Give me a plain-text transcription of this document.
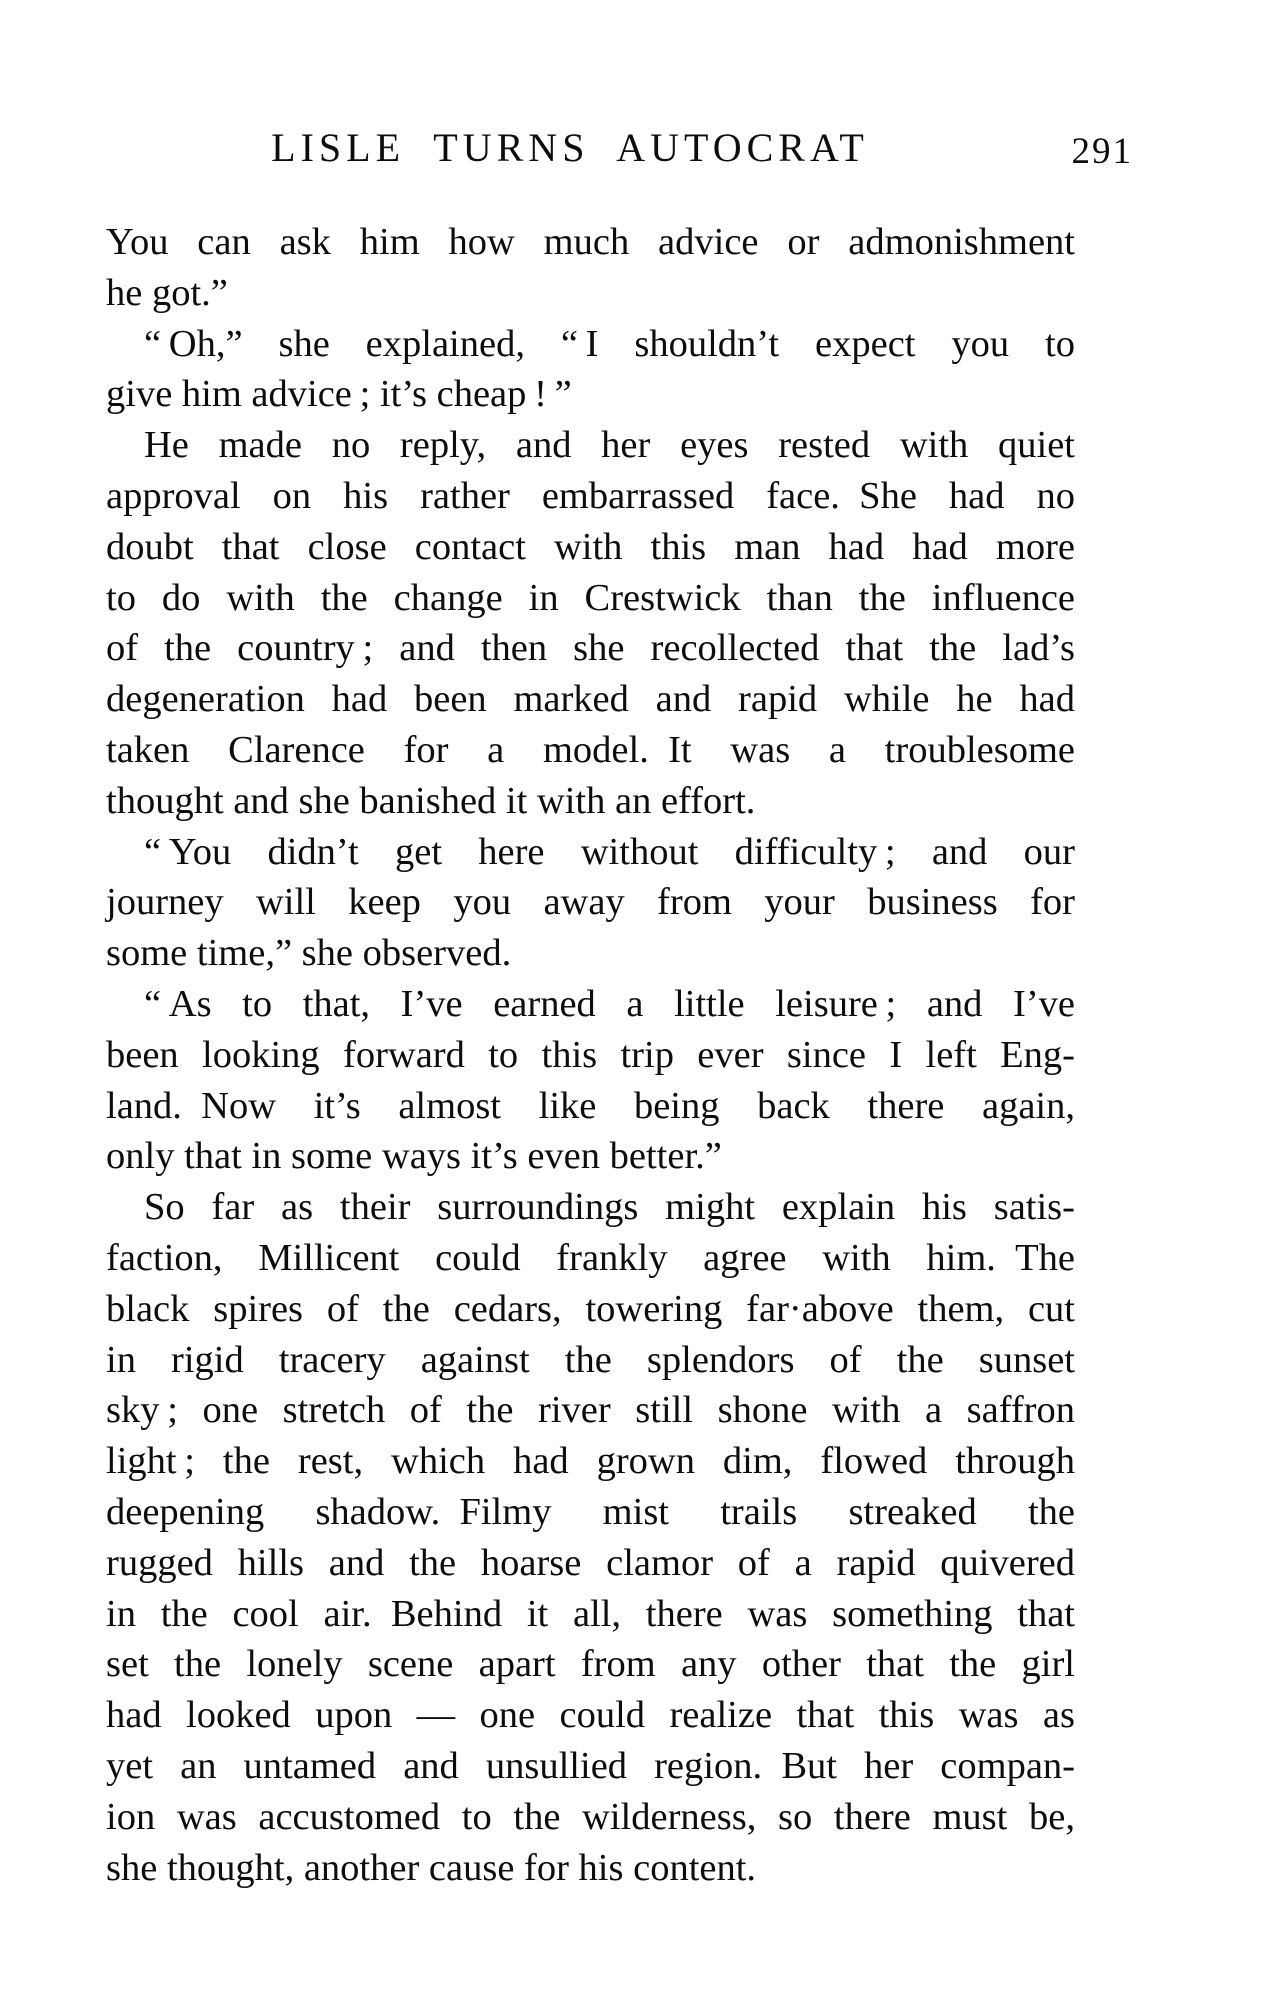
LISLE TURNS AUTOCRAT	291
You can ask him how much advice or admonishment
he got.”
“ Oh,” she explained, “ I shouldn’t expect you to
give him advice ; it’s cheap ! ”
He made no reply, and her eyes rested with quiet
approval on his rather embarrassed face. She had no
doubt that close contact with this man had had more
to do with the change in Crestwick than the influence
of the country ; and then she recollected that the lad’s
degeneration had been marked and rapid while he had
taken Clarence for a model. It was a troublesome
thought and she banished it with an effort.
“ You didn’t get here without difficulty ; and our
journey will keep you away from your business for
some time,” she observed.
“ As to that, I’ve earned a little leisure ; and I’ve
been looking forward to this trip ever since I left Eng-
land. Now it’s almost like being back there again,
only that in some ways it’s even better.”
So far as their surroundings might explain his satis-
faction, Millicent could frankly agree with him. The
black spires of the cedars, towering far·above them, cut
in rigid tracery against the splendors of the sunset
sky ; one stretch of the river still shone with a saffron
light ; the rest, which had grown dim, flowed through
deepening shadow. Filmy mist trails streaked the
rugged hills and the hoarse clamor of a rapid quivered
in the cool air. Behind it all, there was something that
set the lonely scene apart from any other that the girl
had looked upon — one could realize that this was as
yet an untamed and unsullied region. But her compan-
ion was accustomed to the wilderness, so there must be,
she thought, another cause for his content.
